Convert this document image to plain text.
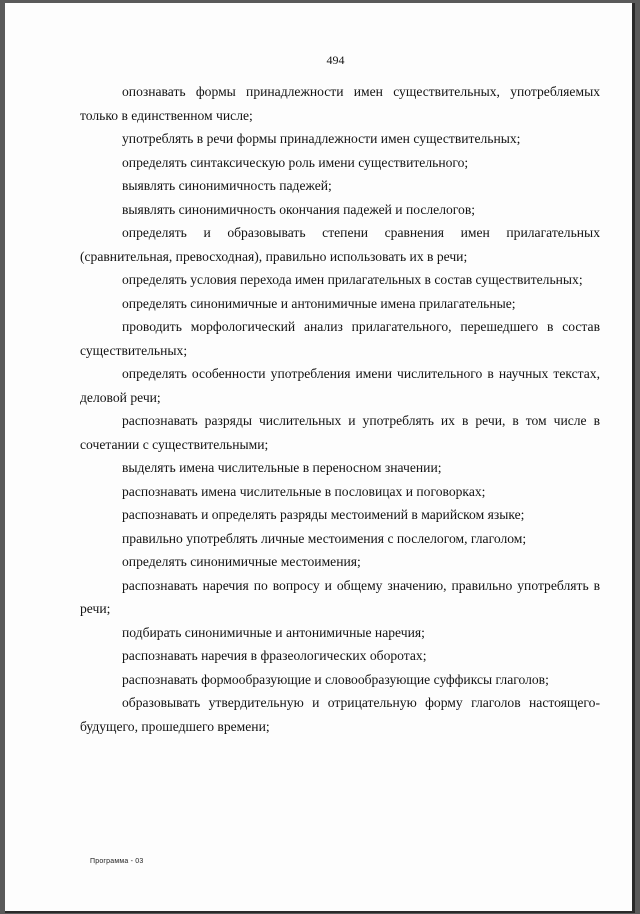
494

опознавать формы принадлежности имен существительных, употребляемых только в единственном числе;

употреблять в речи формы принадлежности имен существительных;

определять синтаксическую роль имени существительного;

выявлять синонимичность падежей;

выявлять синонимичность окончания падежей и послелогов;

определять и образовывать степени сравнения имен прилагательных (сравнительная, превосходная), правильно использовать их в речи;

определять условия перехода имен прилагательных в состав существительных;

определять синонимичные и антонимичные имена прилагательные;

проводить морфологический анализ прилагательного, перешедшего в состав существительных;

определять особенности употребления имени числительного в научных текстах, деловой речи;

распознавать разряды числительных и употреблять их в речи, в том числе в сочетании с существительными;

выделять имена числительные в переносном значении;

распознавать имена числительные в пословицах и поговорках;

распознавать и определять разряды местоимений в марийском языке;

правильно употреблять личные местоимения с послелогом, глаголом;

определять синонимичные местоимения;

распознавать наречия по вопросу и общему значению, правильно употреблять в речи;

подбирать синонимичные и антонимичные наречия;

распознавать наречия в фразеологических оборотах;

распознавать формообразующие и словообразующие суффиксы глаголов;

образовывать утвердительную и отрицательную форму глаголов настоящего-будущего, прошедшего времени;

Программа - 03
